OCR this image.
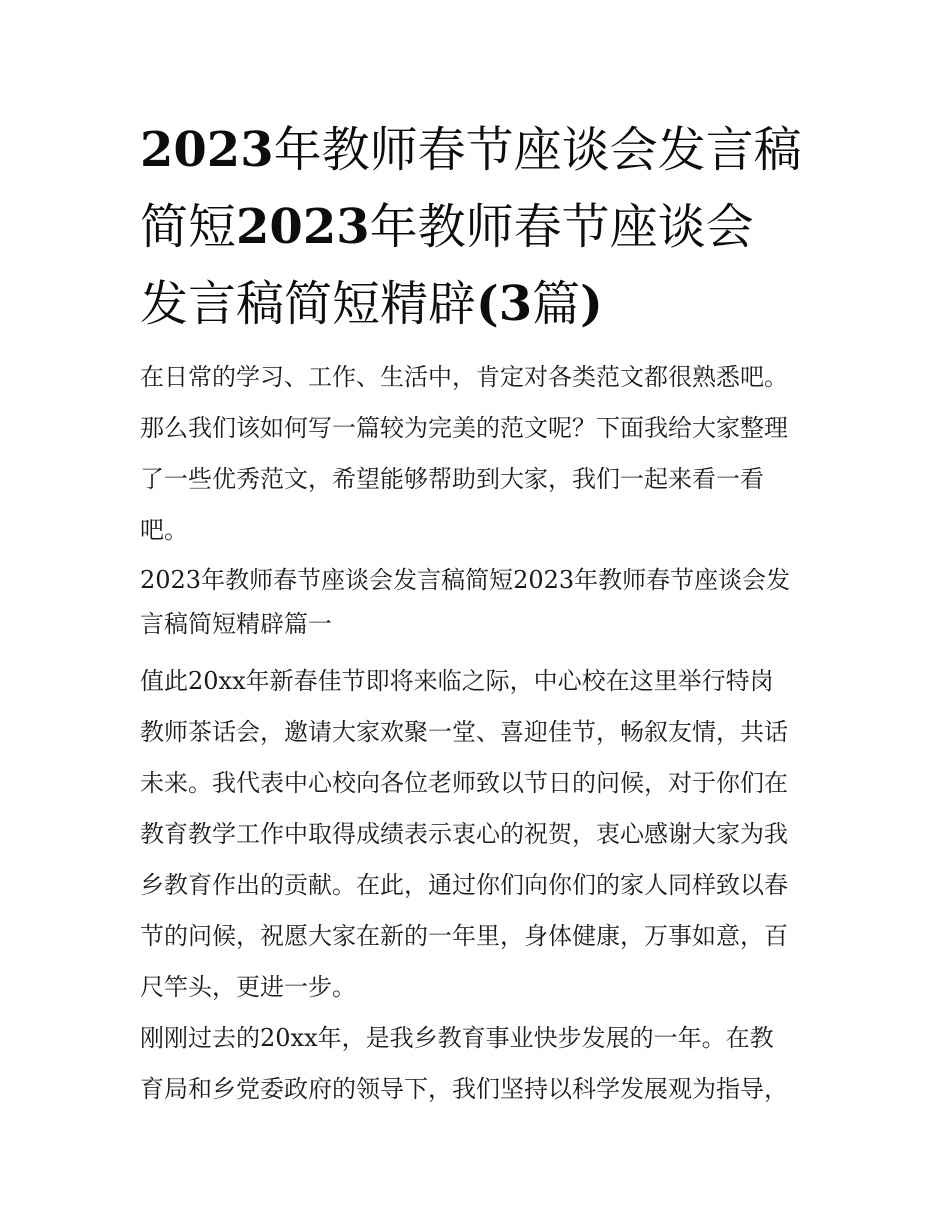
2023年教师春节座谈会发言稿
简短2023年教师春节座谈会
发言稿简短精辟(3篇)
在日常的学习、工作、生活中，肯定对各类范文都很熟悉吧。
那么我们该如何写一篇较为完美的范文呢？下面我给大家整理
了一些优秀范文，希望能够帮助到大家，我们一起来看一看
吧。
2023年教师春节座谈会发言稿简短2023年教师春节座谈会发
言稿简短精辟篇一
值此20xx年新春佳节即将来临之际，中心校在这里举行特岗
教师茶话会，邀请大家欢聚一堂、喜迎佳节，畅叙友情，共话
未来。我代表中心校向各位老师致以节日的问候，对于你们在
教育教学工作中取得成绩表示衷心的祝贺，衷心感谢大家为我
乡教育作出的贡献。在此，通过你们向你们的家人同样致以春
节的问候，祝愿大家在新的一年里，身体健康，万事如意，百
尺竿头，更进一步。
刚刚过去的20xx年，是我乡教育事业快步发展的一年。在教
育局和乡党委政府的领导下，我们坚持以科学发展观为指导，
